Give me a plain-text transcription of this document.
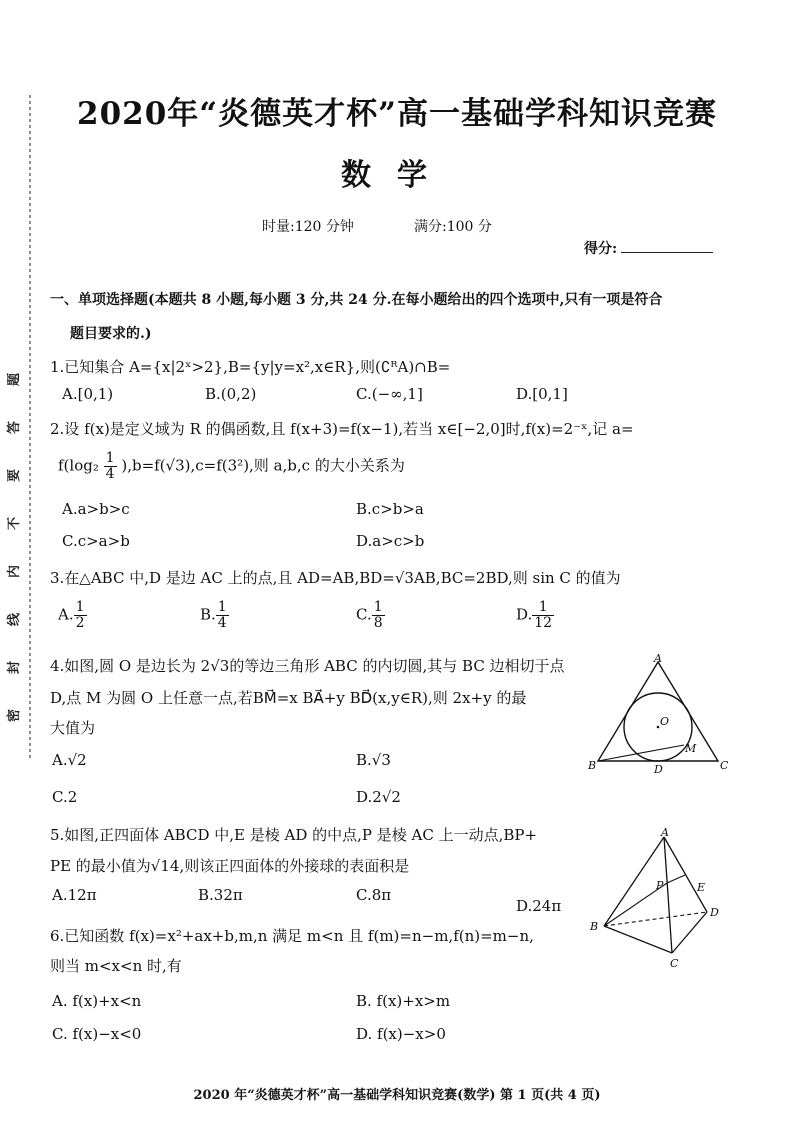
题
答
要
不
内
线
封
密
2020年“炎德英才杯”高一基础学科知识竞赛
数学
时量:120 分钟	满分:100 分
得分:
一、单项选择题(本题共 8 小题,每小题 3 分,共 24 分.在每小题给出的四个选项中,只有一项是符合
题目要求的.)
1.已知集合 A={x|2ˣ>2},B={y|y=x²,x∈R},则(∁ᴿA)∩B=
A.[0,1)	B.(0,2)	C.(−∞,1]	D.[0,1]
2.设 f(x)是定义域为 R 的偶函数,且 f(x+3)=f(x−1),若当 x∈[−2,0]时,f(x)=2⁻ˣ,记 a=
$f(\log_2 \frac{1}{4} ),b=f(√3),c=f(3^2)$,则 a,b,c 的大小关系为
A.a>b>c	B.c>b>a
C.c>a>b	D.a>c>b
3.在△ABC 中,D 是边 AC 上的点,且 AD=AB,BD=√3AB,BC=2BD,则 sin C 的值为
A. $\frac{1}{2}$	B. $\frac{1}{4}$	C. $\frac{1}{8}$	D. $\frac{1}{12}$
4.如图,圆 O 是边长为 2√3的等边三角形 ABC 的内切圆,其与 BC 边相切于点
D,点 M 为圆 O 上任意一点,若BM⃗=x BA⃗+y BD⃗(x,y∈R),则 2x+y 的最
大值为
A.√2	B.√3
C.2	D.2√2
A
B	C
D
O
M
5.如图,正四面体 ABCD 中,E 是棱 AD 的中点,P 是棱 AC 上一动点,BP+
PE 的最小值为√14,则该正四面体的外接球的表面积是
A.12π	B.32π	C.8π
D.24π
A
B
C
D
E
P
6.已知函数 f(x)=x²+ax+b,m,n 满足 m<n 且 f(m)=n−m,f(n)=m−n,
则当 m<x<n 时,有
A. f(x)+x<n	B. f(x)+x>m
C. f(x)−x<0	D. f(x)−x>0
2020 年“炎德英才杯”高一基础学科知识竞赛(数学) 第 1 页(共 4 页)
